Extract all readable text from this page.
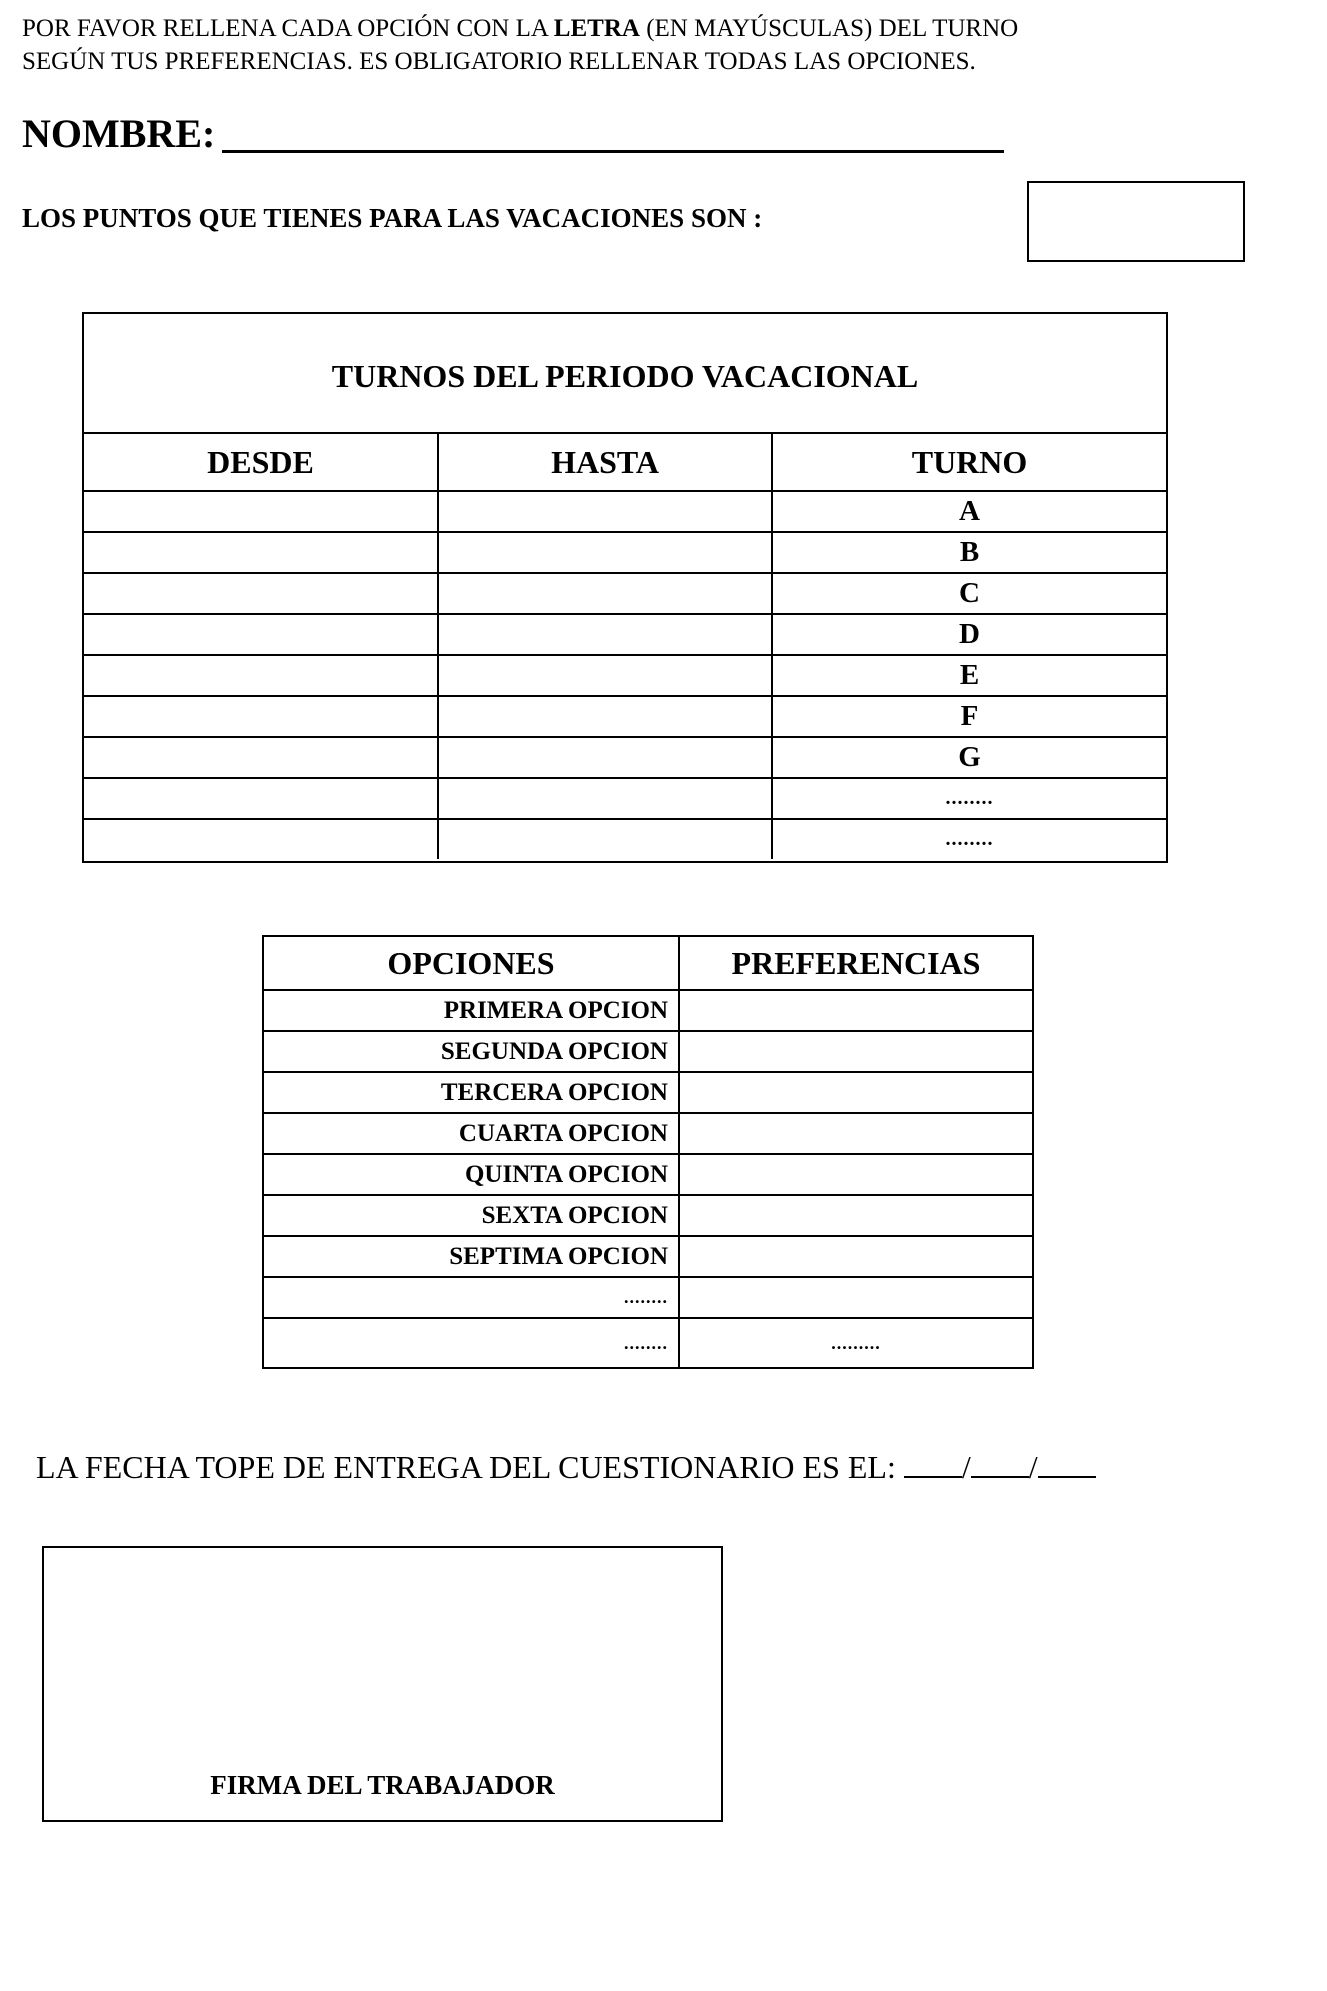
POR FAVOR RELLENA CADA OPCIÓN CON LA LETRA (EN MAYÚSCULAS) DEL TURNO
SEGÚN TUS PREFERENCIAS. ES OBLIGATORIO RELLENAR TODAS LAS OPCIONES.
NOMBRE:
LOS PUNTOS QUE TIENES PARA LAS VACACIONES SON :
TURNOS DEL PERIODO VACACIONAL
DESDE	HASTA	TURNO
		A
		B
		C
		D
		E
		F
		G
		........
		........
OPCIONES	PREFERENCIAS
PRIMERA OPCION	
SEGUNDA OPCION	
TERCERA OPCION	
CUARTA OPCION	
QUINTA OPCION	
SEXTA OPCION	
SEPTIMA OPCION	
........	
........	.........
LA FECHA TOPE DE ENTREGA DEL CUESTIONARIO ES EL: / /
FIRMA DEL TRABAJADOR
